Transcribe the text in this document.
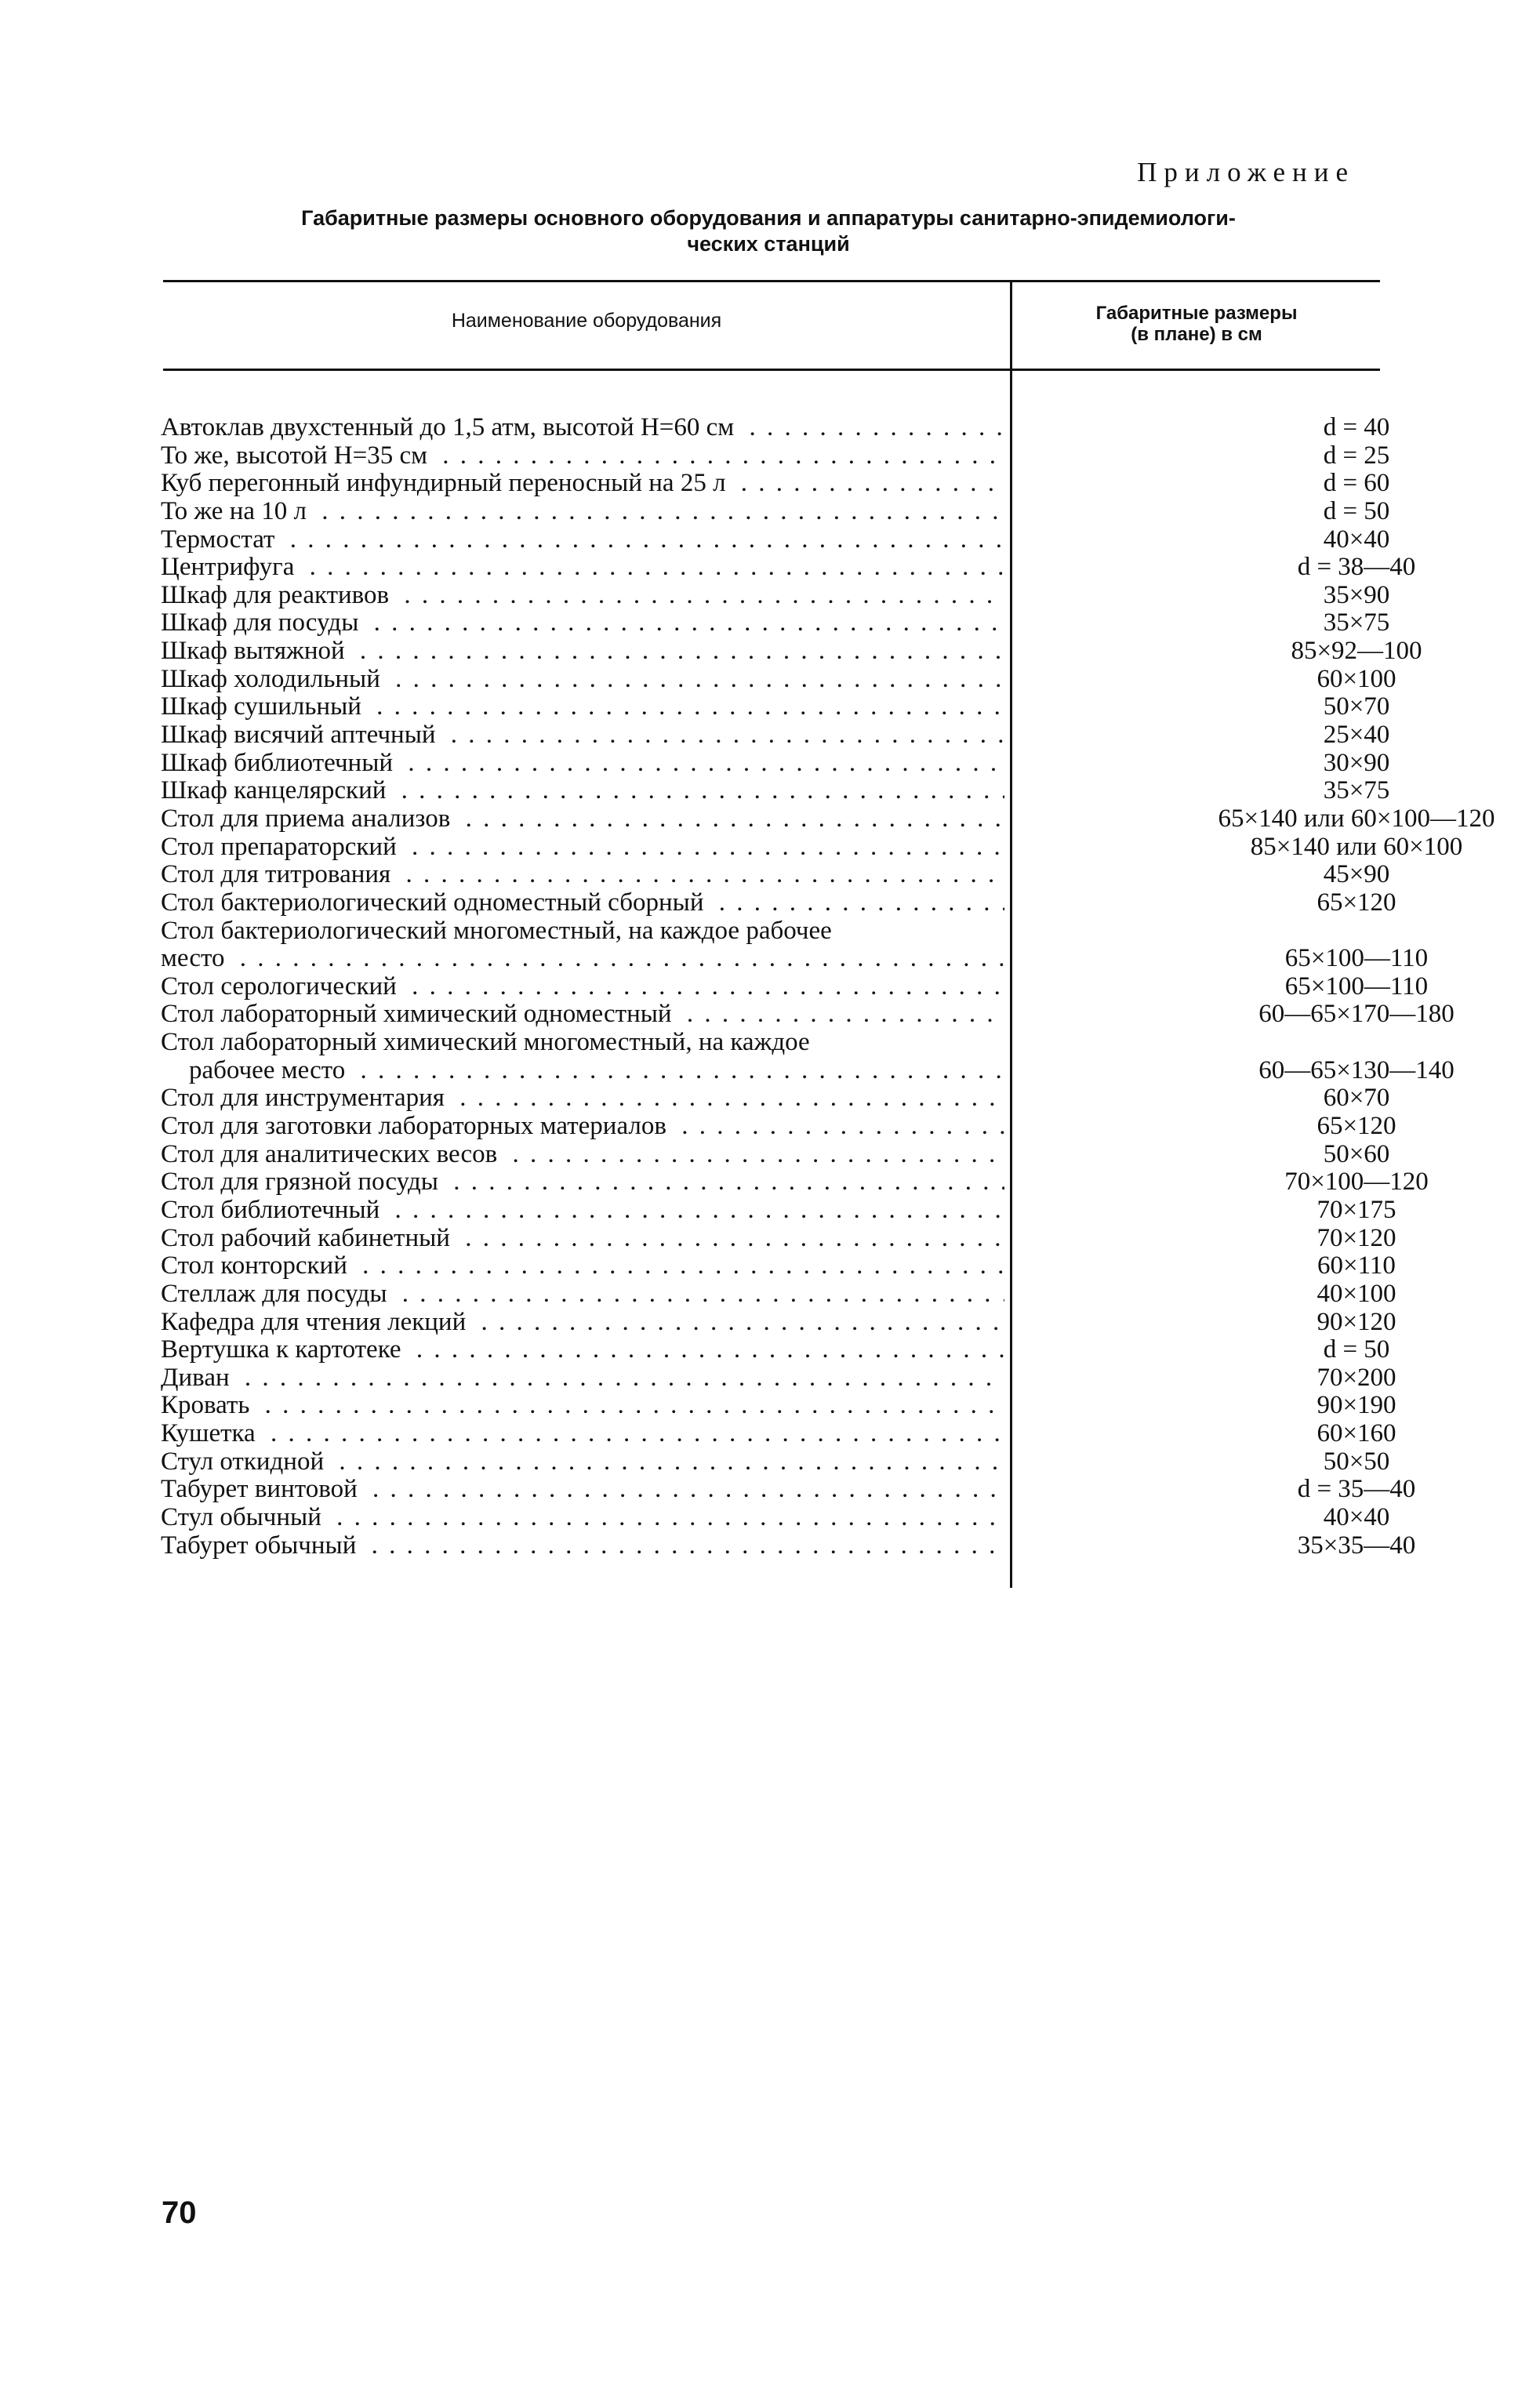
Приложение
Габаритные размеры основного оборудования и аппаратуры санитарно-эпидемиологи-
ческих станций
Наименование оборудования	Габаритные размеры
(в плане) в см
Автоклав двухстенный до 1,5 атм, высотой Н=60 см . . .	d = 40
То же, высотой Н=35 см . . .	d = 25
Куб перегонный инфундирный переносный на 25 л . . .	d = 60
То же на 10 л . . .	d = 50
Термостат . . .	40×40
Центрифуга . . .	d = 38—40
Шкаф для реактивов . . .	35×90
Шкаф для посуды . . .	35×75
Шкаф вытяжной . . .	85×92—100
Шкаф холодильный . . .	60×100
Шкаф сушильный . . .	50×70
Шкаф висячий аптечный . . .	25×40
Шкаф библиотечный . . .	30×90
Шкаф канцелярский . . .	35×75
Стол для приема анализов . . .	65×140 или 60×100—120
Стол препараторский . . .	85×140 или 60×100
Стол для титрования . . .	45×90
Стол бактериологический одноместный сборный . . .	65×120
Стол бактериологический многоместный, на каждое рабочее
место . . .	65×100—110
Стол серологический . . .	65×100—110
Стол лабораторный химический одноместный . . .	60—65×170—180
Стол лабораторный химический многоместный, на каждое
рабочее место . . .	60—65×130—140
Стол для инструментария . . .	60×70
Стол для заготовки лабораторных материалов . . .	65×120
Стол для аналитических весов . . .	50×60
Стол для грязной посуды . . .	70×100—120
Стол библиотечный . . .	70×175
Стол рабочий кабинетный . . .	70×120
Стол конторский . . .	60×110
Стеллаж для посуды . . .	40×100
Кафедра для чтения лекций . . .	90×120
Вертушка к картотеке . . .	d = 50
Диван . . .	70×200
Кровать . . .	90×190
Кушетка . . .	60×160
Стул откидной . . .	50×50
Табурет винтовой . . .	d = 35—40
Стул обычный . . .	40×40
Табурет обычный . . .	35×35—40
70
